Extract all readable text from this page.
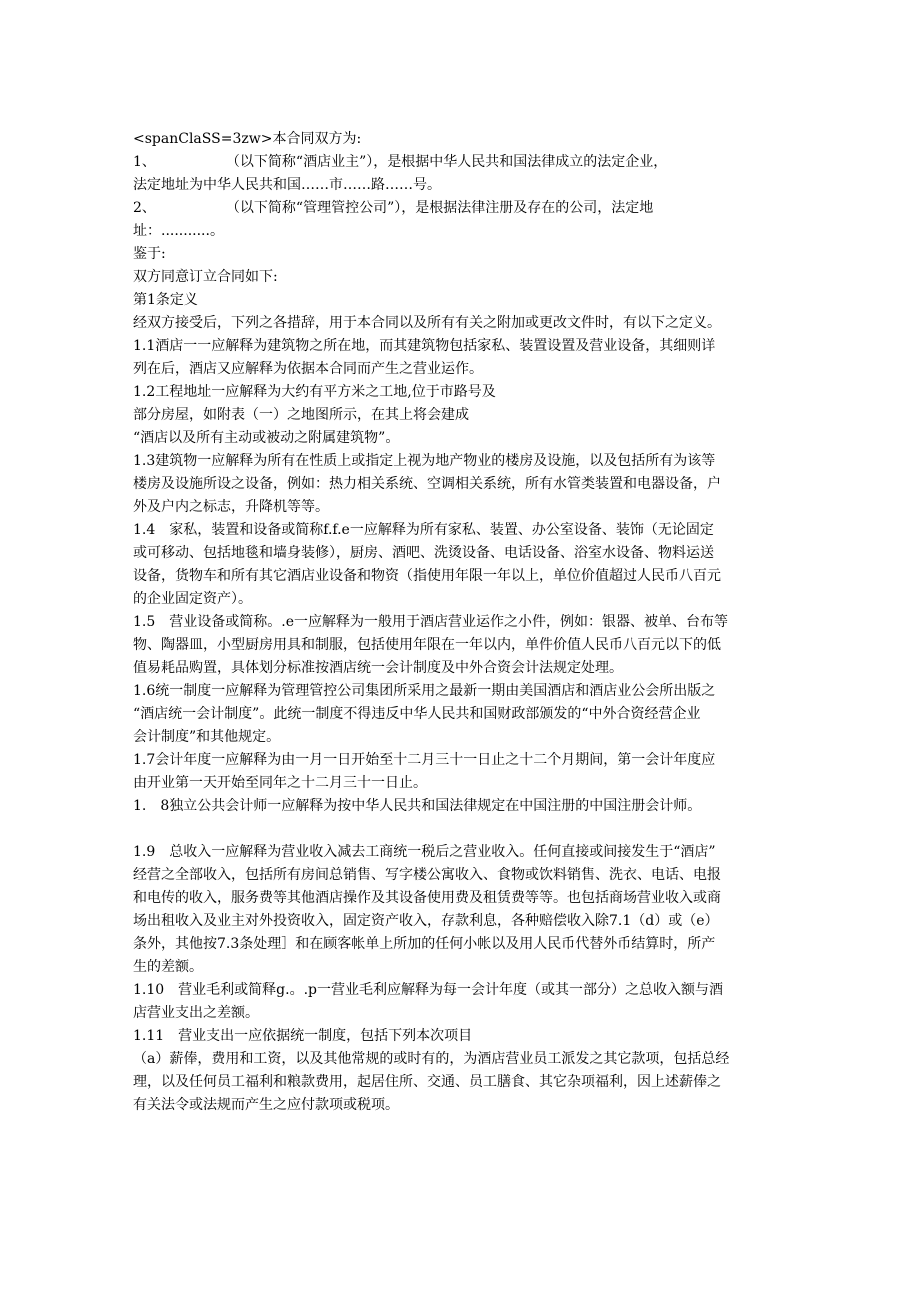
<spanClaSS=3zw>本合同双方为:
1、　　　　　　（以下简称“酒店业主”），是根据中华人民共和国法律成立的法定企业，
法定地址为中华人民共和国……市……路……号。
2、　　　　　　（以下简称“管理管控公司”），是根据法律注册及存在的公司，法定地
址：...........。
鉴于:
双方同意订立合同如下:
第1条定义
经双方接受后，下列之各措辞，用于本合同以及所有有关之附加或更改文件时，有以下之定义。
1.1酒店一一应解释为建筑物之所在地，而其建筑物包括家私、装置设置及营业设备，其细则详
列在后，酒店又应解释为依据本合同而产生之营业运作。
1.2工程地址一应解释为大约有平方米之工地,位于市路号及
部分房屋，如附表（一）之地图所示，在其上将会建成
“酒店以及所有主动或被动之附属建筑物”。
1.3建筑物一应解释为所有在性质上或指定上视为地产物业的楼房及设施，以及包括所有为该等
楼房及设施所设之设备，例如：热力相关系统、空调相关系统，所有水管类装置和电器设备，户
外及户内之标志，升降机等等。
1.4　家私，装置和设备或简称f.f.e一应解释为所有家私、装置、办公室设备、装饰（无论固定
或可移动、包括地毯和墙身装修），厨房、酒吧、洗烫设备、电话设备、浴室水设备、物料运送
设备，货物车和所有其它酒店业设备和物资（指使用年限一年以上，单位价值超过人民币八百元
的企业固定资产）。
1.5　营业设备或简称。.e一应解释为一般用于酒店营业运作之小件，例如：银器、被单、台布等
物、陶器皿，小型厨房用具和制服，包括使用年限在一年以内，单件价值人民币八百元以下的低
值易耗品购置，具体划分标准按酒店统一会计制度及中外合资会计法规定处理。
1.6统一制度一应解释为管理管控公司集团所采用之最新一期由美国酒店和酒店业公会所出版之
“酒店统一会计制度”。此统一制度不得违反中华人民共和国财政部颁发的“中外合资经营企业
会计制度”和其他规定。
1.7会计年度一应解释为由一月一日开始至十二月三十一日止之十二个月期间，第一会计年度应
由开业第一天开始至同年之十二月三十一日止。
1.　8独立公共会计师一应解释为按中华人民共和国法律规定在中国注册的中国注册会计师。
1.9　总收入一应解释为营业收入减去工商统一税后之营业收入。任何直接或间接发生于“酒店”
经营之全部收入，包括所有房间总销售、写字楼公寓收入、食物或饮料销售、洗衣、电话、电报
和电传的收入，服务费等其他酒店操作及其设备使用费及租赁费等等。也包括商场营业收入或商
场出租收入及业主对外投资收入，固定资产收入，存款利息，各种赔偿收入除7.1（d）或（e）
条外，其他按7.3条处理］和在顾客帐单上所加的任何小帐以及用人民币代替外币结算时，所产
生的差额。
1.10　营业毛利或简释g.。.p一营业毛利应解释为每一会计年度（或其一部分）之总收入额与酒
店营业支出之差额。
1.11　营业支出一应依据统一制度，包括下列本次项目
（a）薪俸，费用和工资，以及其他常规的或时有的，为酒店营业员工派发之其它款项，包括总经
理，以及任何员工福利和粮款费用，起居住所、交通、员工膳食、其它杂项福利，因上述薪俸之
有关法令或法规而产生之应付款项或税项。
